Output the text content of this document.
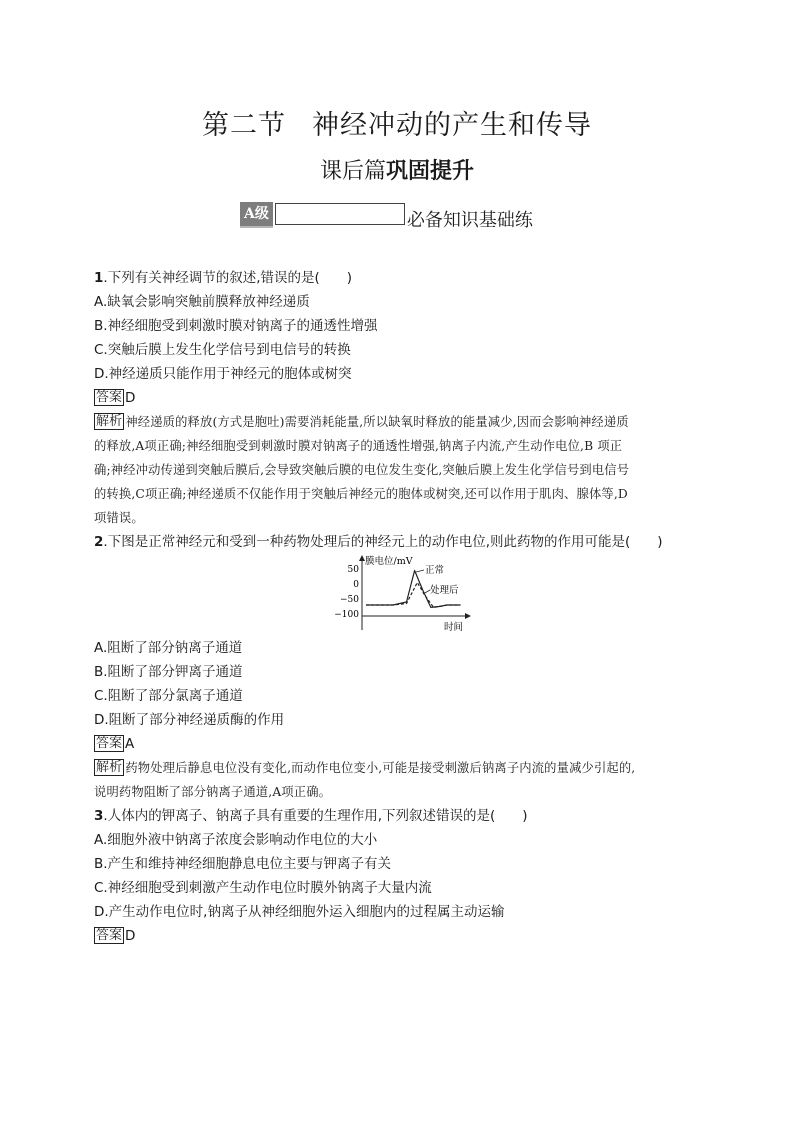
第二节 神经冲动的产生和传导
课后篇巩固提升
A级	必备知识基础练
1.下列有关神经调节的叙述,错误的是(　　)
A.缺氧会影响突触前膜释放神经递质
B.神经细胞受到刺激时膜对钠离子的通透性增强
C.突触后膜上发生化学信号到电信号的转换
D.神经递质只能作用于神经元的胞体或树突
答案 D
解析 神经递质的释放(方式是胞吐)需要消耗能量,所以缺氧时释放的能量减少,因而会影响神经递质
的释放,A项正确;神经细胞受到刺激时膜对钠离子的通透性增强,钠离子内流,产生动作电位,B 项正
确;神经冲动传递到突触后膜后,会导致突触后膜的电位发生变化,突触后膜上发生化学信号到电信号
的转换,C项正确;神经递质不仅能作用于突触后神经元的胞体或树突,还可以作用于肌肉、腺体等,D
项错误。
2.下图是正常神经元和受到一种药物处理后的神经元上的动作电位,则此药物的作用可能是(　　)
膜电位/mV
时间
50
0
−50
−100
正常
处理后
A.阻断了部分钠离子通道
B.阻断了部分钾离子通道
C.阻断了部分氯离子通道
D.阻断了部分神经递质酶的作用
答案 A
解析 药物处理后静息电位没有变化,而动作电位变小,可能是接受刺激后钠离子内流的量减少引起的,
说明药物阻断了部分钠离子通道,A项正确。
3.人体内的钾离子、钠离子具有重要的生理作用,下列叙述错误的是(　　)
A.细胞外液中钠离子浓度会影响动作电位的大小
B.产生和维持神经细胞静息电位主要与钾离子有关
C.神经细胞受到刺激产生动作电位时膜外钠离子大量内流
D.产生动作电位时,钠离子从神经细胞外运入细胞内的过程属主动运输
答案 D
